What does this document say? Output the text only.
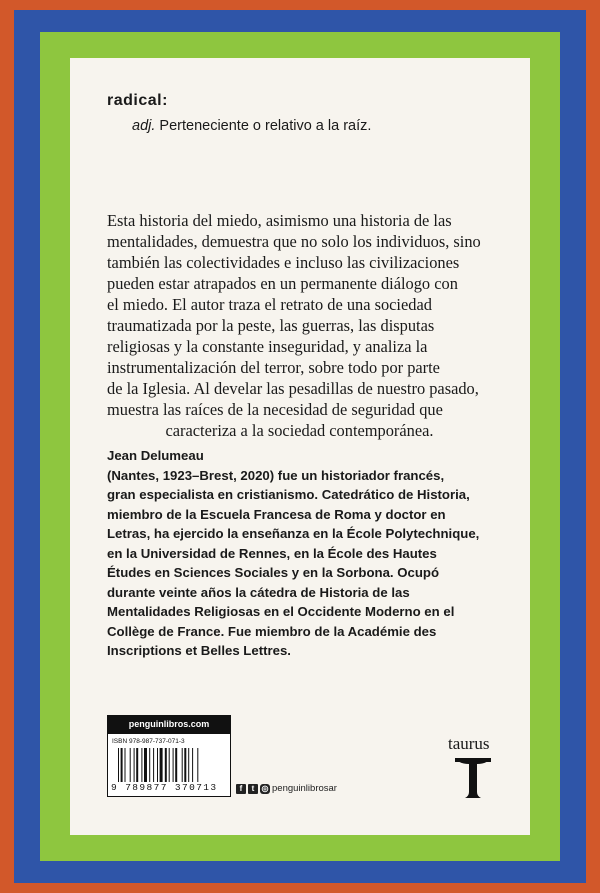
radical:
adj. Perteneciente o relativo a la raíz.
Esta historia del miedo, asimismo una historia de las
mentalidades, demuestra que no solo los individuos, sino
también las colectividades e incluso las civilizaciones
pueden estar atrapados en un permanente diálogo con
el miedo. El autor traza el retrato de una sociedad
traumatizada por la peste, las guerras, las disputas
religiosas y la constante inseguridad, y analiza la
instrumentalización del terror, sobre todo por parte
de la Iglesia. Al develar las pesadillas de nuestro pasado,
muestra las raíces de la necesidad de seguridad que
caracteriza a la sociedad contemporánea.
Jean Delumeau
(Nantes, 1923–Brest, 2020) fue un historiador francés,
gran especialista en cristianismo. Catedrático de Historia,
miembro de la Escuela Francesa de Roma y doctor en
Letras, ha ejercido la enseñanza en la École Polytechnique,
en la Universidad de Rennes, en la École des Hautes
Études en Sciences Sociales y en la Sorbona. Ocupó
durante veinte años la cátedra de Historia de las
Mentalidades Religiosas en el Occidente Moderno en el
Collège de France. Fue miembro de la Académie des
Inscriptions et Belles Lettres.
penguinlibros.com
ISBN 978-987-737-071-3
9 789877 370713	f	t ◎ penguinlibrosar
taurus
